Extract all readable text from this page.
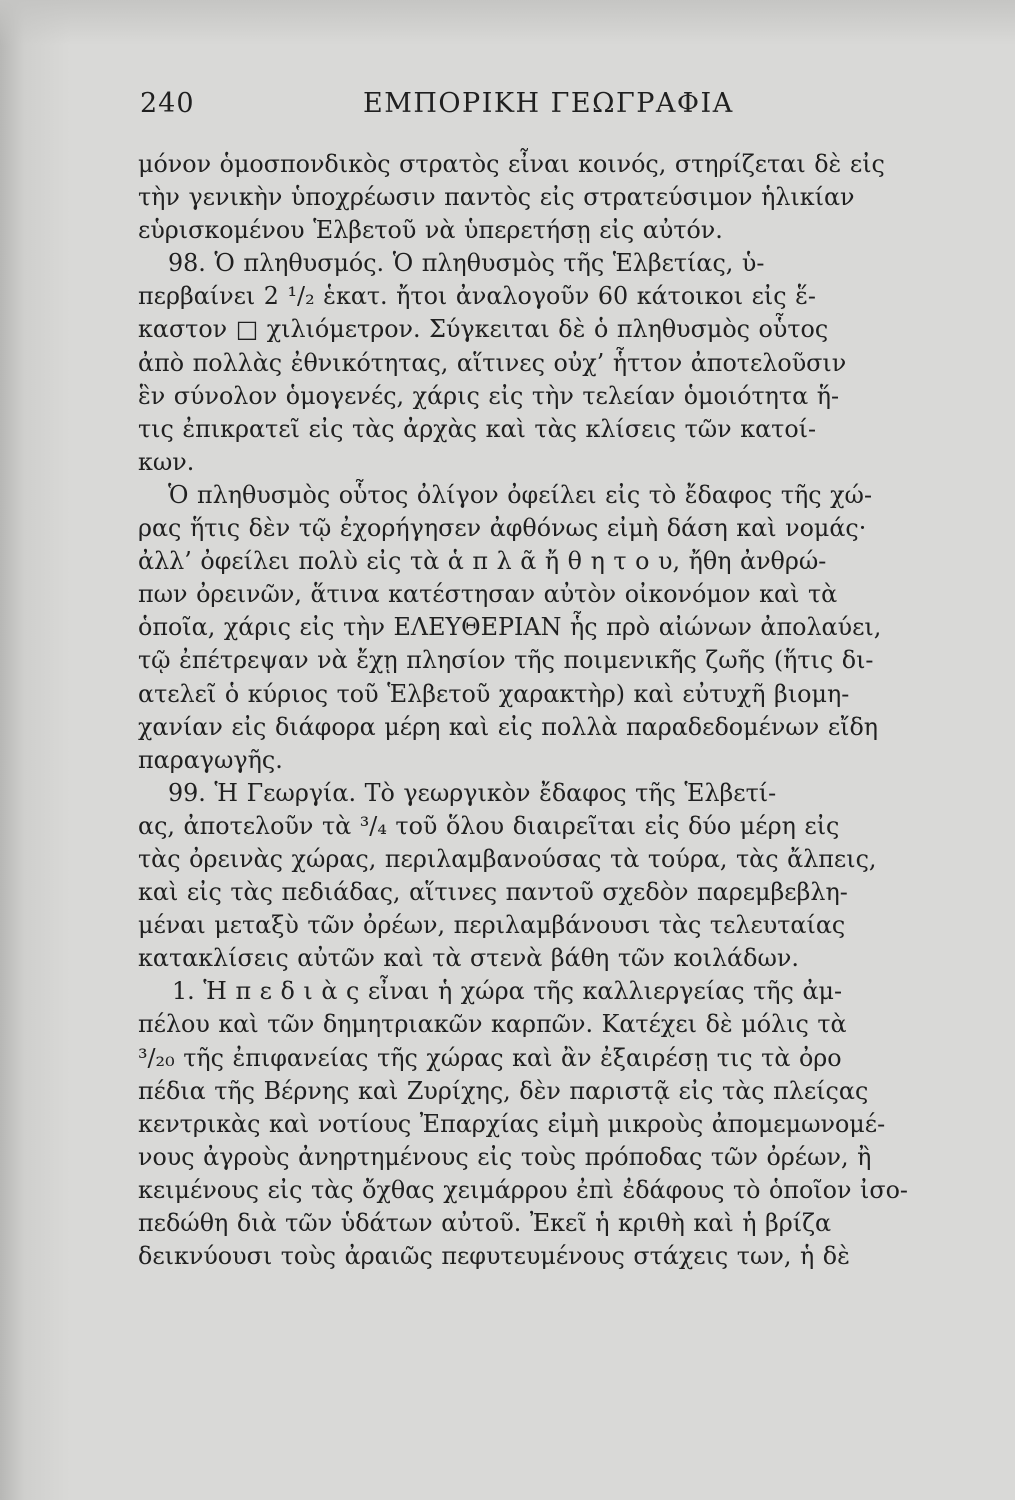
240	ΕΜΠΟΡΙΚΗ ΓΕΩΓΡΑΦΙΑ
μόνον ὁμοσπονδικὸς στρατὸς εἶναι κοινός, στηρίζεται δὲ εἰς
τὴν γενικὴν ὑποχρέωσιν παντὸς εἰς στρατεύσιμον ἡλικίαν
εὑρισκομένου Ἑλβετοῦ νὰ ὑπερετήσῃ εἰς αὐτόν.
98. Ὁ πληθυσμός. Ὁ πληθυσμὸς τῆς Ἑλβετίας, ὑ-
περβαίνει 2 ¹/₂ ἑκατ. ἤτοι ἀναλογοῦν 60 κάτοικοι εἰς ἕ-
καστον □ χιλιόμετρον. Σύγκειται δὲ ὁ πληθυσμὸς οὗτος
ἀπὸ πολλὰς ἐθνικότητας, αἵτινες οὐχ’ ἧττον ἀποτελοῦσιν
ἓν σύνολον ὁμογενές, χάρις εἰς τὴν τελείαν ὁμοιότητα ἥ-
τις ἐπικρατεῖ εἰς τὰς ἀρχὰς καὶ τὰς κλίσεις τῶν κατοί-
κων.
Ὁ πληθυσμὸς οὗτος ὀλίγον ὀφείλει εἰς τὸ ἔδαφος τῆς χώ-
ρας ἥτις δὲν τῷ ἐχορήγησεν ἀφθόνως εἰμὴ δάση καὶ νομάς·
ἀλλ’ ὀφείλει πολὺ εἰς τὰ ἁ π λ ᾶ ἤ θ η τ ο υ, ἤθη ἀνθρώ-
πων ὀρεινῶν, ἅτινα κατέστησαν αὐτὸν οἰκονόμον καὶ τὰ
ὁποῖα, χάρις εἰς τὴν ΕΛΕΥΘΕΡΙΑΝ ἧς πρὸ αἰώνων ἀπολαύει,
τῷ ἐπέτρεψαν νὰ ἔχῃ πλησίον τῆς ποιμενικῆς ζωῆς (ἥτις δι-
ατελεῖ ὁ κύριος τοῦ Ἑλβετοῦ χαρακτὴρ) καὶ εὐτυχῆ βιομη-
χανίαν εἰς διάφορα μέρη καὶ εἰς πολλὰ παραδεδομένων εἴδη
παραγωγῆς.
99. Ἡ Γεωργία. Τὸ γεωργικὸν ἔδαφος τῆς Ἑλβετί-
ας, ἀποτελοῦν τὰ ³/₄ τοῦ ὅλου διαιρεῖται εἰς δύο μέρη εἰς
τὰς ὀρεινὰς χώρας, περιλαμβανούσας τὰ τούρα, τὰς ἄλπεις,
καὶ εἰς τὰς πεδιάδας, αἵτινες παντοῦ σχεδὸν παρεμβεβλη-
μέναι μεταξὺ τῶν ὀρέων, περιλαμβάνουσι τὰς τελευταίας
κατακλίσεις αὐτῶν καὶ τὰ στενὰ βάθη τῶν κοιλάδων.
1. Ἡ π ε δ ι ὰ ς εἶναι ἡ χώρα τῆς καλλιεργείας τῆς ἀμ-
πέλου καὶ τῶν δημητριακῶν καρπῶν. Κατέχει δὲ μόλις τὰ
³/₂₀ τῆς ἐπιφανείας τῆς χώρας καὶ ἂν ἐξαιρέσῃ τις τὰ ὀρο
πέδια τῆς Βέρνης καὶ Ζυρίχης, δὲν παριστᾷ εἰς τὰς πλείςας
κεντρικὰς καὶ νοτίους Ἐπαρχίας εἰμὴ μικροὺς ἀπομεμωνομέ-
νους ἀγροὺς ἀνηρτημένους εἰς τοὺς πρόποδας τῶν ὀρέων, ἢ
κειμένους εἰς τὰς ὄχθας χειμάρρου ἐπὶ ἐδάφους τὸ ὁποῖον ἰσο-
πεδώθη διὰ τῶν ὑδάτων αὐτοῦ. Ἐκεῖ ἡ κριθὴ καὶ ἡ βρίζα
δεικνύουσι τοὺς ἀραιῶς πεφυτευμένους στάχεις των, ἡ δὲ
